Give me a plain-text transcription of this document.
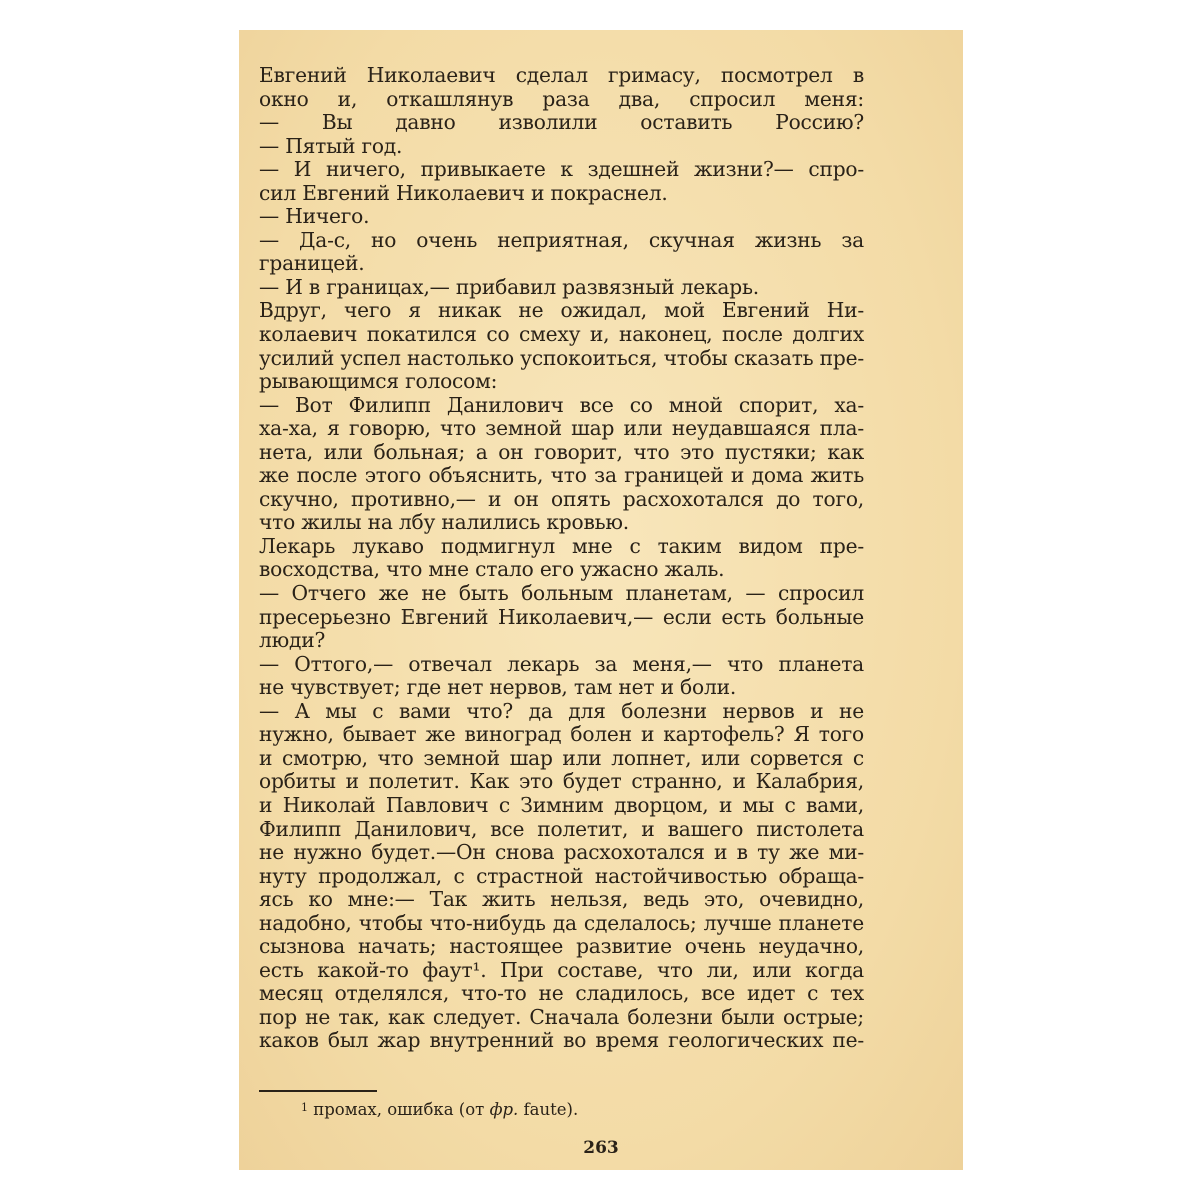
Евгений Николаевич сделал гримасу, посмотрел в
окно и, откашлянув раза два, спросил меня:
— Вы давно изволили оставить Россию?
— Пятый год.
— И ничего, привыкаете к здешней жизни?— спро-
сил Евгений Николаевич и покраснел.
— Ничего.
— Да-с, но очень неприятная, скучная жизнь за
границей.
— И в границах,— прибавил развязный лекарь.
Вдруг, чего я никак не ожидал, мой Евгений Ни-
колаевич покатился со смеху и, наконец, после долгих
усилий успел настолько успокоиться, чтобы сказать пре-
рывающимся голосом:
— Вот Филипп Данилович все со мной спорит, ха-
ха-ха, я говорю, что земной шар или неудавшаяся пла-
нета, или больная; а он говорит, что это пустяки; как
же после этого объяснить, что за границей и дома жить
скучно, противно,— и он опять расхохотался до того,
что жилы на лбу налились кровью.
Лекарь лукаво подмигнул мне с таким видом пре-
восходства, что мне стало его ужасно жаль.
— Отчего же не быть больным планетам, — спросил
пресерьезно Евгений Николаевич,— если есть больные
люди?
— Оттого,— отвечал лекарь за меня,— что планета
не чувствует; где нет нервов, там нет и боли.
— А мы с вами что? да для болезни нервов и не
нужно, бывает же виноград болен и картофель? Я того
и смотрю, что земной шар или лопнет, или сорвется с
орбиты и полетит. Как это будет странно, и Калабрия,
и Николай Павлович с Зимним дворцом, и мы с вами,
Филипп Данилович, все полетит, и вашего пистолета
не нужно будет.—Он снова расхохотался и в ту же ми-
нуту продолжал, с страстной настойчивостью обраща-
ясь ко мне:— Так жить нельзя, ведь это, очевидно,
надобно, чтобы что-нибудь да сделалось; лучше планете
сызнова начать; настоящее развитие очень неудачно,
есть какой-то фаут¹. При составе, что ли, или когда
месяц отделялся, что-то не сладилось, все идет с тех
пор не так, как следует. Сначала болезни были острые;
каков был жар внутренний во время геологических пе-
$^1$ промах, ошибка (от фр. faute).
263
